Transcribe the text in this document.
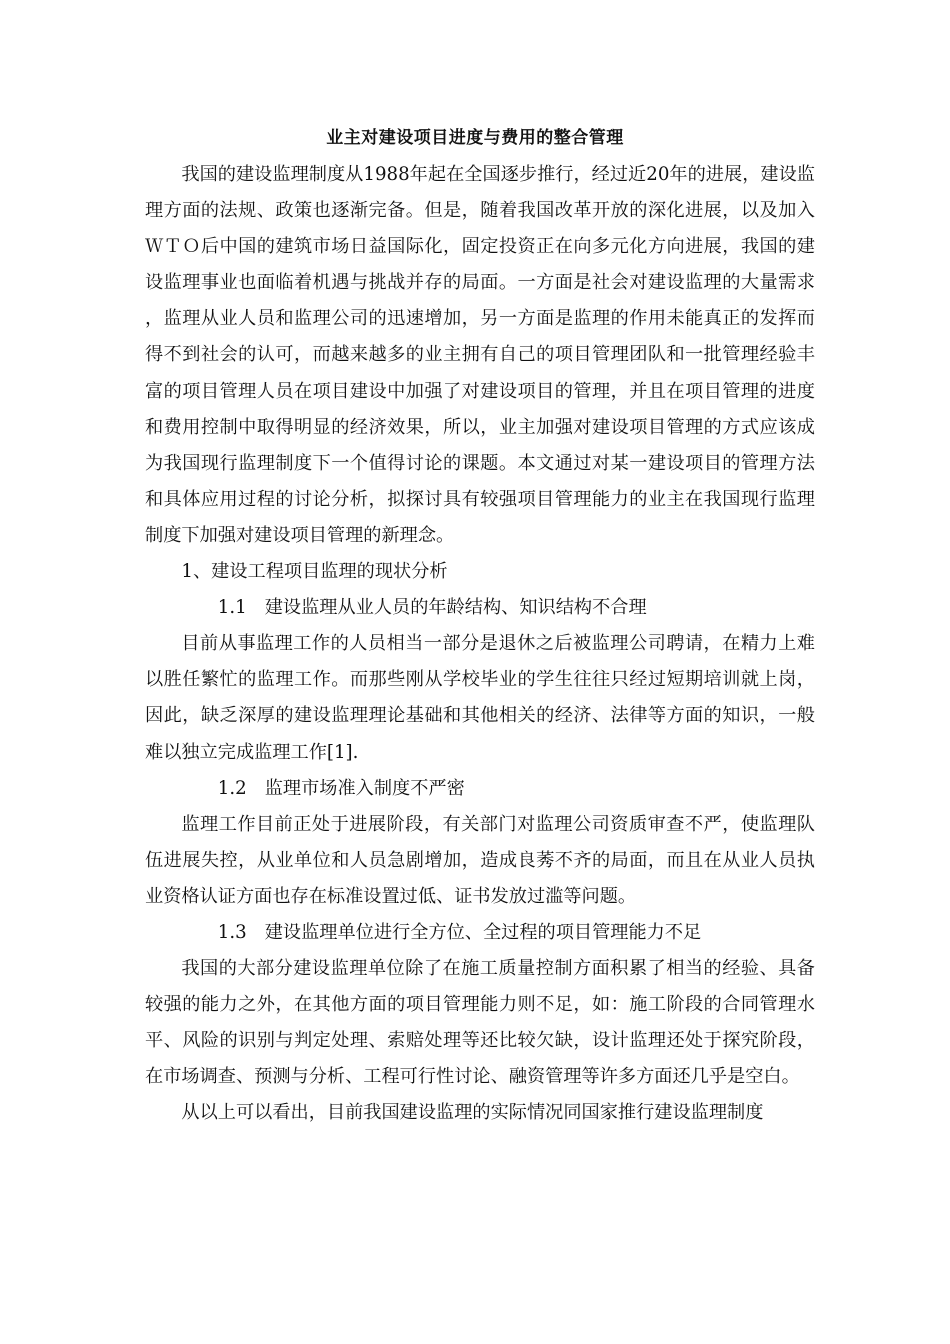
业主对建设项目进度与费用的整合管理

我国的建设监理制度从1988年起在全国逐步推行，经过近20年的进展，建设监理方面的法规、政策也逐渐完备。但是，随着我国改革开放的深化进展，以及加入ＷＴＯ后中国的建筑市场日益国际化，固定投资正在向多元化方向进展，我国的建设监理事业也面临着机遇与挑战并存的局面。一方面是社会对建设监理的大量需求，监理从业人员和监理公司的迅速增加，另一方面是监理的作用未能真正的发挥而得不到社会的认可，而越来越多的业主拥有自己的项目管理团队和一批管理经验丰富的项目管理人员在项目建设中加强了对建设项目的管理，并且在项目管理的进度和费用控制中取得明显的经济效果，所以，业主加强对建设项目管理的方式应该成为我国现行监理制度下一个值得讨论的课题。本文通过对某一建设项目的管理方法和具体应用过程的讨论分析，拟探讨具有较强项目管理能力的业主在我国现行监理制度下加强对建设项目管理的新理念。

1、建设工程项目监理的现状分析

1.1 建设监理从业人员的年龄结构、知识结构不合理

目前从事监理工作的人员相当一部分是退休之后被监理公司聘请，在精力上难以胜任繁忙的监理工作。而那些刚从学校毕业的学生往往只经过短期培训就上岗，因此，缺乏深厚的建设监理理论基础和其他相关的经济、法律等方面的知识，一般难以独立完成监理工作[1].

1.2 监理市场准入制度不严密

监理工作目前正处于进展阶段，有关部门对监理公司资质审查不严，使监理队伍进展失控，从业单位和人员急剧增加，造成良莠不齐的局面，而且在从业人员执业资格认证方面也存在标准设置过低、证书发放过滥等问题。

1.3 建设监理单位进行全方位、全过程的项目管理能力不足

我国的大部分建设监理单位除了在施工质量控制方面积累了相当的经验、具备较强的能力之外，在其他方面的项目管理能力则不足，如：施工阶段的合同管理水平、风险的识别与判定处理、索赔处理等还比较欠缺，设计监理还处于探究阶段，在市场调查、预测与分析、工程可行性讨论、融资管理等许多方面还几乎是空白。

从以上可以看出，目前我国建设监理的实际情况同国家推行建设监理制度
